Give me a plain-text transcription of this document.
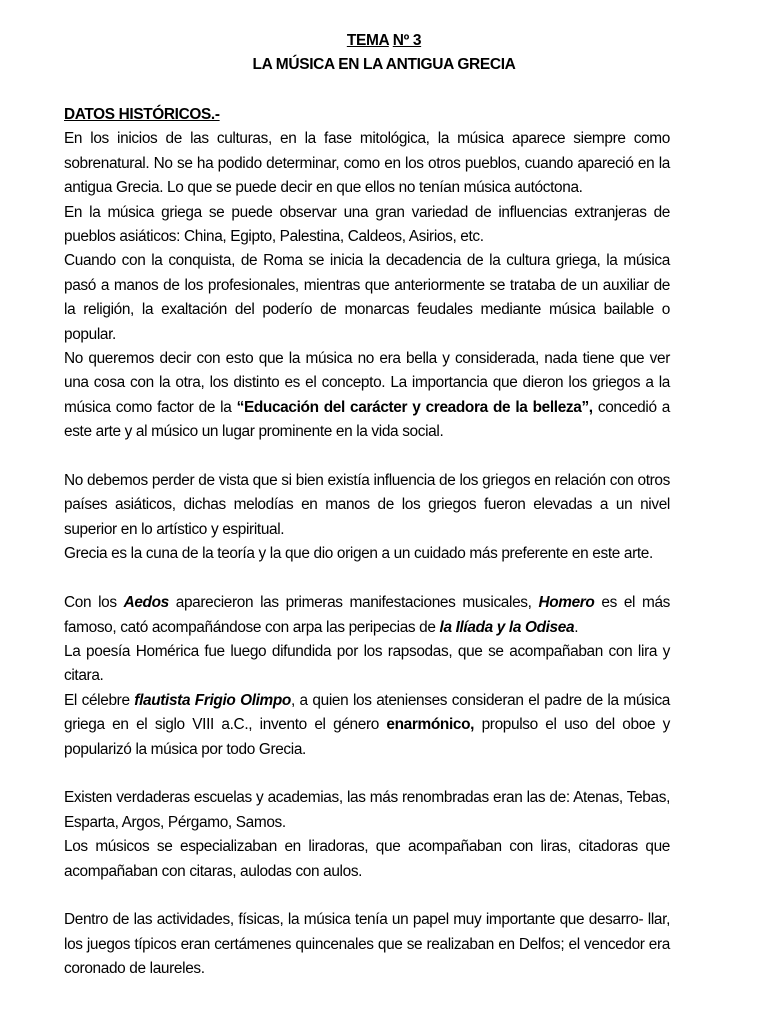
TEMA Nº 3
LA MÚSICA EN LA ANTIGUA GRECIA

DATOS HISTÓRICOS.-

En los inicios de las culturas, en la fase mitológica, la música aparece siempre como sobrenatural. No se ha podido determinar, como en los otros pueblos, cuando apareció en la antigua Grecia. Lo que se puede decir en que ellos no tenían música autóctona.

En la música griega se puede observar una gran variedad de influencias extranjeras de pueblos asiáticos: China, Egipto, Palestina, Caldeos, Asirios, etc.

Cuando con la conquista, de Roma se inicia la decadencia de la cultura griega, la música pasó a manos de los profesionales, mientras que anteriormente se trataba de un auxiliar de la religión, la exaltación del poderío de monarcas feudales mediante música bailable o popular.

No queremos decir con esto que la música no era bella y considerada, nada tiene que ver una cosa con la otra, los distinto es el concepto. La importancia que dieron los griegos a la música como factor de la “Educación del carácter y creadora de la belleza”, concedió a este arte y al músico un lugar prominente en la vida social.

No debemos perder de vista que si bien existía influencia de los griegos en relación con otros países asiáticos, dichas melodías en manos de los griegos fueron elevadas a un nivel superior en lo artístico y espiritual.

Grecia es la cuna de la teoría y la que dio origen a un cuidado más preferente en este arte.

Con los Aedos aparecieron las primeras manifestaciones musicales, Homero es el más famoso, cató acompañándose con arpa las peripecias de la Ilíada y la Odisea.

La poesía Homérica fue luego difundida por los rapsodas, que se acompañaban con lira y citara.

El célebre flautista Frigio Olimpo, a quien los atenienses consideran el padre de la música griega en el siglo VIII a.C., invento el género enarmónico, propulso el uso del oboe y popularizó la música por todo Grecia.

Existen verdaderas escuelas y academias, las más renombradas eran las de: Atenas, Tebas, Esparta, Argos, Pérgamo, Samos.

Los músicos se especializaban en liradoras, que acompañaban con liras, citadoras que acompañaban con citaras, aulodas con aulos.

Dentro de las actividades, físicas, la música tenía un papel muy importante que desarro- llar, los juegos típicos eran certámenes quincenales que se realizaban en Delfos; el vencedor era coronado de laureles.
